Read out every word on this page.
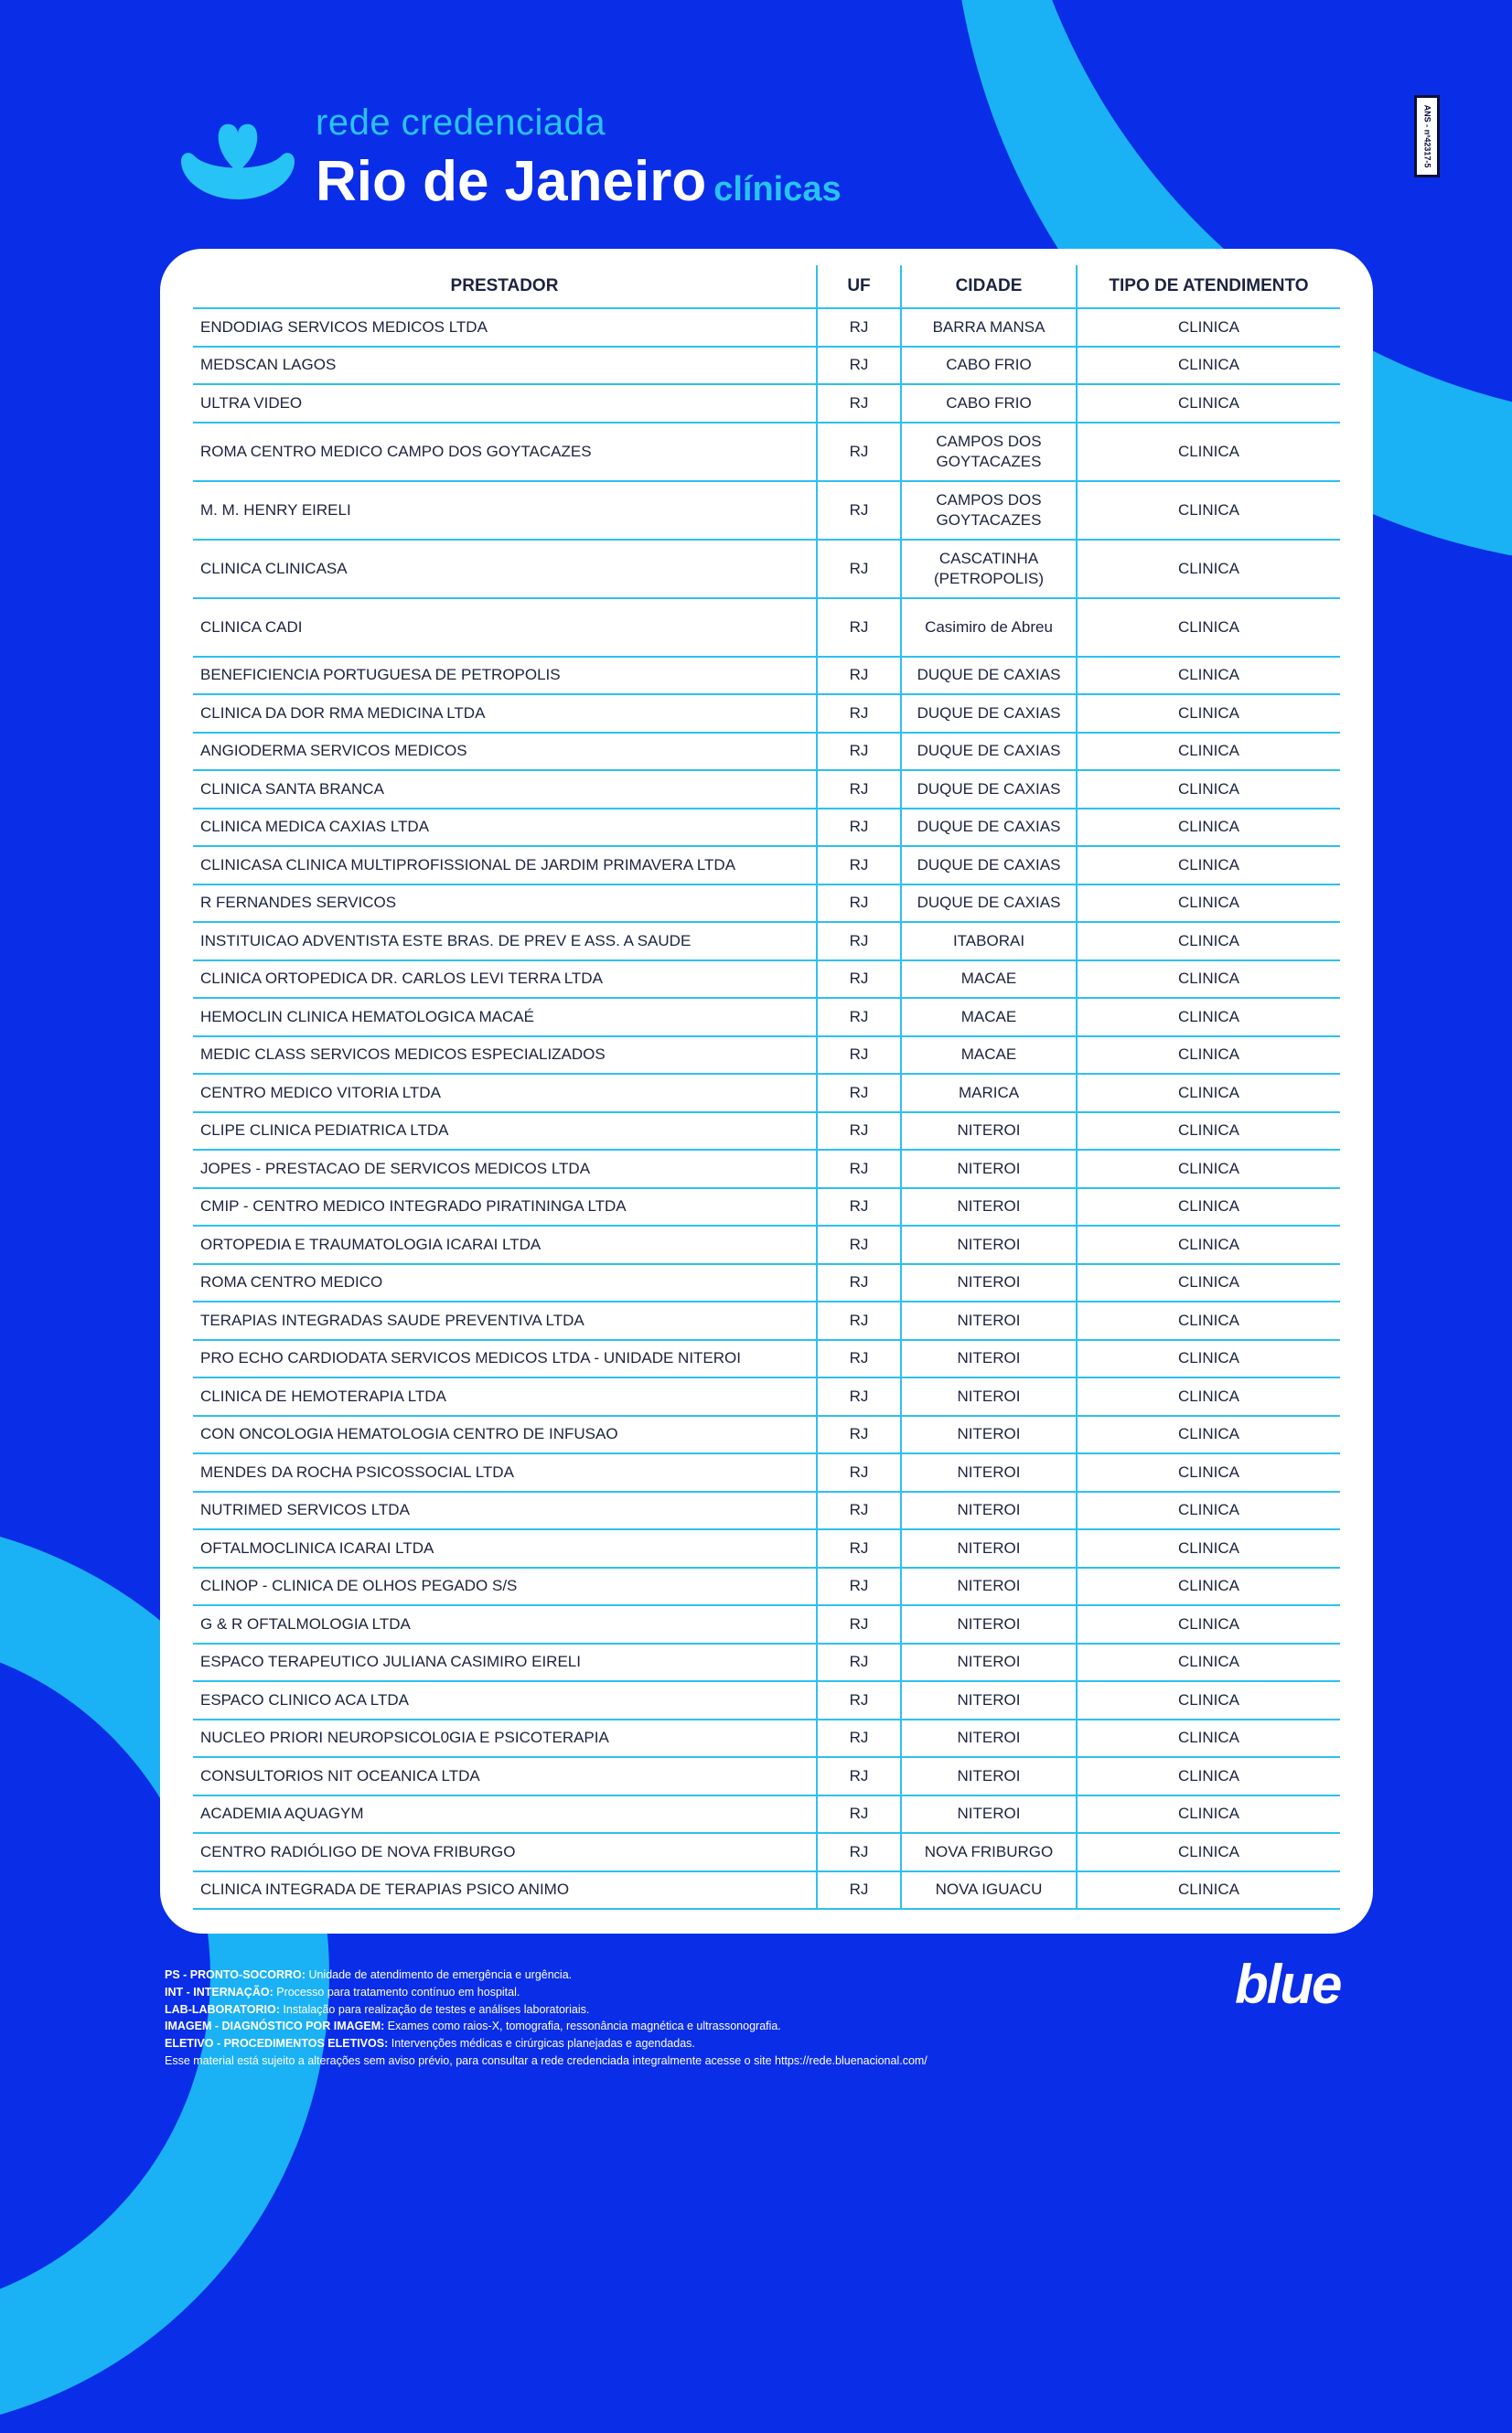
ANS - nº42317-5
rede credenciada
Rio de Janeiro clínicas
PRESTADOR	UF	CIDADE	TIPO DE ATENDIMENTO
ENDODIAG SERVICOS MEDICOS LTDA	RJ	BARRA MANSA	CLINICA
MEDSCAN LAGOS	RJ	CABO FRIO	CLINICA
ULTRA VIDEO	RJ	CABO FRIO	CLINICA
ROMA CENTRO MEDICO CAMPO DOS GOYTACAZES	RJ	CAMPOS DOS GOYTACAZES	CLINICA
M. M. HENRY EIRELI	RJ	CAMPOS DOS GOYTACAZES	CLINICA
CLINICA CLINICASA	RJ	CASCATINHA (PETROPOLIS)	CLINICA
CLINICA CADI	RJ	Casimiro de Abreu	CLINICA
BENEFICIENCIA PORTUGUESA DE PETROPOLIS	RJ	DUQUE DE CAXIAS	CLINICA
CLINICA DA DOR RMA MEDICINA LTDA	RJ	DUQUE DE CAXIAS	CLINICA
ANGIODERMA SERVICOS MEDICOS	RJ	DUQUE DE CAXIAS	CLINICA
CLINICA SANTA BRANCA	RJ	DUQUE DE CAXIAS	CLINICA
CLINICA MEDICA CAXIAS LTDA	RJ	DUQUE DE CAXIAS	CLINICA
CLINICASA CLINICA MULTIPROFISSIONAL DE JARDIM PRIMAVERA LTDA	RJ	DUQUE DE CAXIAS	CLINICA
R FERNANDES SERVICOS	RJ	DUQUE DE CAXIAS	CLINICA
INSTITUICAO ADVENTISTA ESTE BRAS. DE PREV E ASS. A SAUDE	RJ	ITABORAI	CLINICA
CLINICA ORTOPEDICA DR. CARLOS LEVI TERRA LTDA	RJ	MACAE	CLINICA
HEMOCLIN CLINICA HEMATOLOGICA MACAÉ	RJ	MACAE	CLINICA
MEDIC CLASS SERVICOS MEDICOS ESPECIALIZADOS	RJ	MACAE	CLINICA
CENTRO MEDICO VITORIA LTDA	RJ	MARICA	CLINICA
CLIPE CLINICA PEDIATRICA LTDA	RJ	NITEROI	CLINICA
JOPES - PRESTACAO DE SERVICOS MEDICOS LTDA	RJ	NITEROI	CLINICA
CMIP - CENTRO MEDICO INTEGRADO PIRATININGA LTDA	RJ	NITEROI	CLINICA
ORTOPEDIA E TRAUMATOLOGIA ICARAI LTDA	RJ	NITEROI	CLINICA
ROMA CENTRO MEDICO	RJ	NITEROI	CLINICA
TERAPIAS INTEGRADAS SAUDE PREVENTIVA LTDA	RJ	NITEROI	CLINICA
PRO ECHO CARDIODATA SERVICOS MEDICOS LTDA - UNIDADE NITEROI	RJ	NITEROI	CLINICA
CLINICA DE HEMOTERAPIA LTDA	RJ	NITEROI	CLINICA
CON ONCOLOGIA HEMATOLOGIA CENTRO DE INFUSAO	RJ	NITEROI	CLINICA
MENDES DA ROCHA PSICOSSOCIAL LTDA	RJ	NITEROI	CLINICA
NUTRIMED SERVICOS LTDA	RJ	NITEROI	CLINICA
OFTALMOCLINICA ICARAI LTDA	RJ	NITEROI	CLINICA
CLINOP - CLINICA DE OLHOS PEGADO S/S	RJ	NITEROI	CLINICA
G & R OFTALMOLOGIA LTDA	RJ	NITEROI	CLINICA
ESPACO TERAPEUTICO JULIANA CASIMIRO EIRELI	RJ	NITEROI	CLINICA
ESPACO CLINICO ACA LTDA	RJ	NITEROI	CLINICA
NUCLEO PRIORI NEUROPSICOL0GIA E PSICOTERAPIA	RJ	NITEROI	CLINICA
CONSULTORIOS NIT OCEANICA LTDA	RJ	NITEROI	CLINICA
ACADEMIA AQUAGYM	RJ	NITEROI	CLINICA
CENTRO RADIÓLIGO DE NOVA FRIBURGO	RJ	NOVA FRIBURGO	CLINICA
CLINICA INTEGRADA DE TERAPIAS PSICO ANIMO	RJ	NOVA IGUACU	CLINICA
PS - PRONTO-SOCORRO: Unidade de atendimento de emergência e urgência.
INT - INTERNAÇÃO: Processo para tratamento contínuo em hospital.
LAB-LABORATORIO: Instalação para realização de testes e análises laboratoriais.
IMAGEM - DIAGNÓSTICO POR IMAGEM: Exames como raios-X, tomografia, ressonância magnética e ultrassonografia.
ELETIVO - PROCEDIMENTOS ELETIVOS: Intervenções médicas e cirúrgicas planejadas e agendadas.
Esse material está sujeito a alterações sem aviso prévio, para consultar a rede credenciada integralmente acesse o site https://rede.bluenacional.com/
blue
